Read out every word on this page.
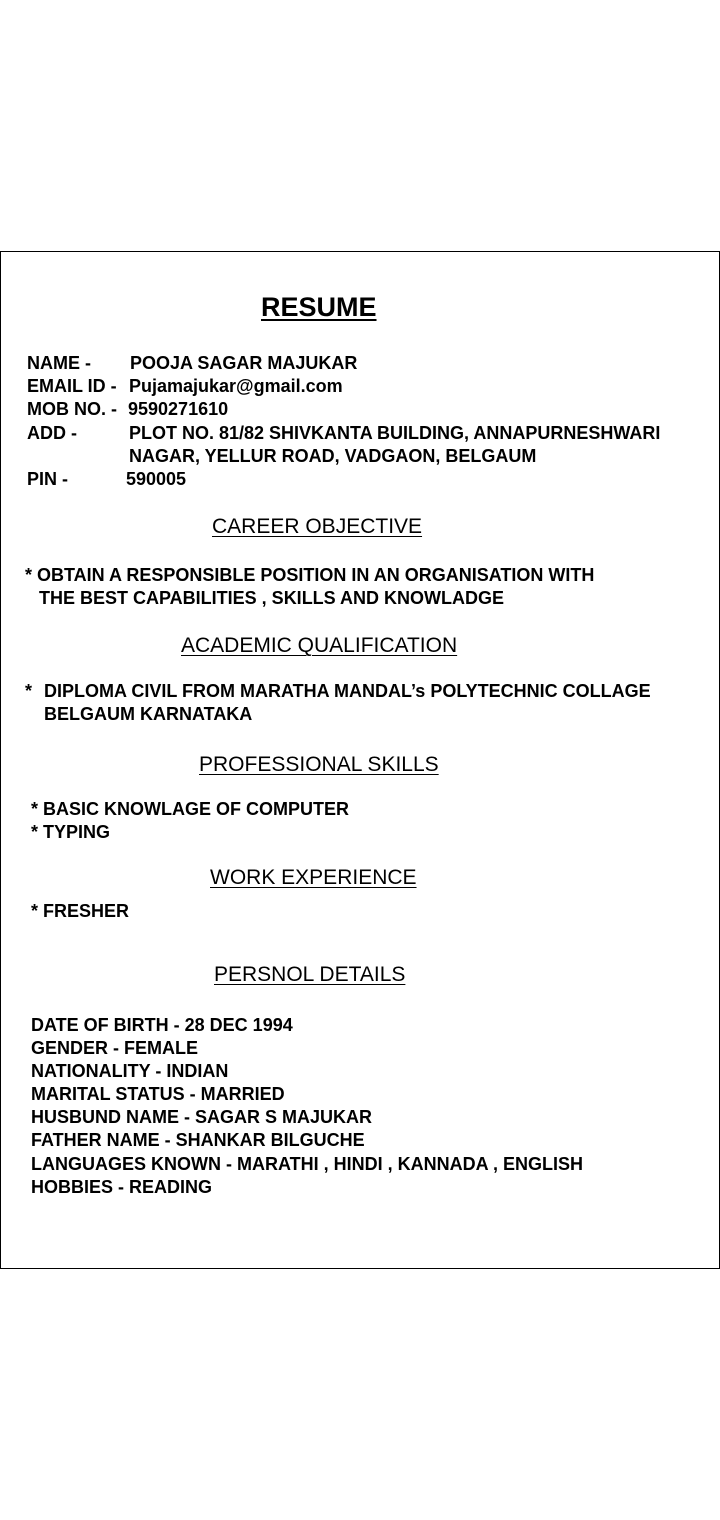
RESUME
NAME - POOJA SAGAR MAJUKAR
EMAIL ID - Pujamajukar@gmail.com
MOB NO. - 9590271610
ADD -	PLOT NO. 81/82 SHIVKANTA BUILDING, ANNAPURNESHWARI
NAGAR, YELLUR ROAD, VADGAON, BELGAUM
PIN -	590005
CAREER OBJECTIVE
* OBTAIN A RESPONSIBLE POSITION IN AN ORGANISATION WITH
THE BEST CAPABILITIES , SKILLS AND KNOWLADGE
ACADEMIC QUALIFICATION
* DIPLOMA CIVIL FROM MARATHA MANDAL’s POLYTECHNIC COLLAGE
BELGAUM KARNATAKA
PROFESSIONAL SKILLS
* BASIC KNOWLAGE OF COMPUTER
* TYPING
WORK EXPERIENCE
* FRESHER
PERSNOL DETAILS
DATE OF BIRTH - 28 DEC 1994
GENDER - FEMALE
NATIONALITY - INDIAN
MARITAL STATUS - MARRIED
HUSBUND NAME - SAGAR S MAJUKAR
FATHER NAME - SHANKAR BILGUCHE
LANGUAGES KNOWN - MARATHI , HINDI , KANNADA , ENGLISH
HOBBIES - READING
